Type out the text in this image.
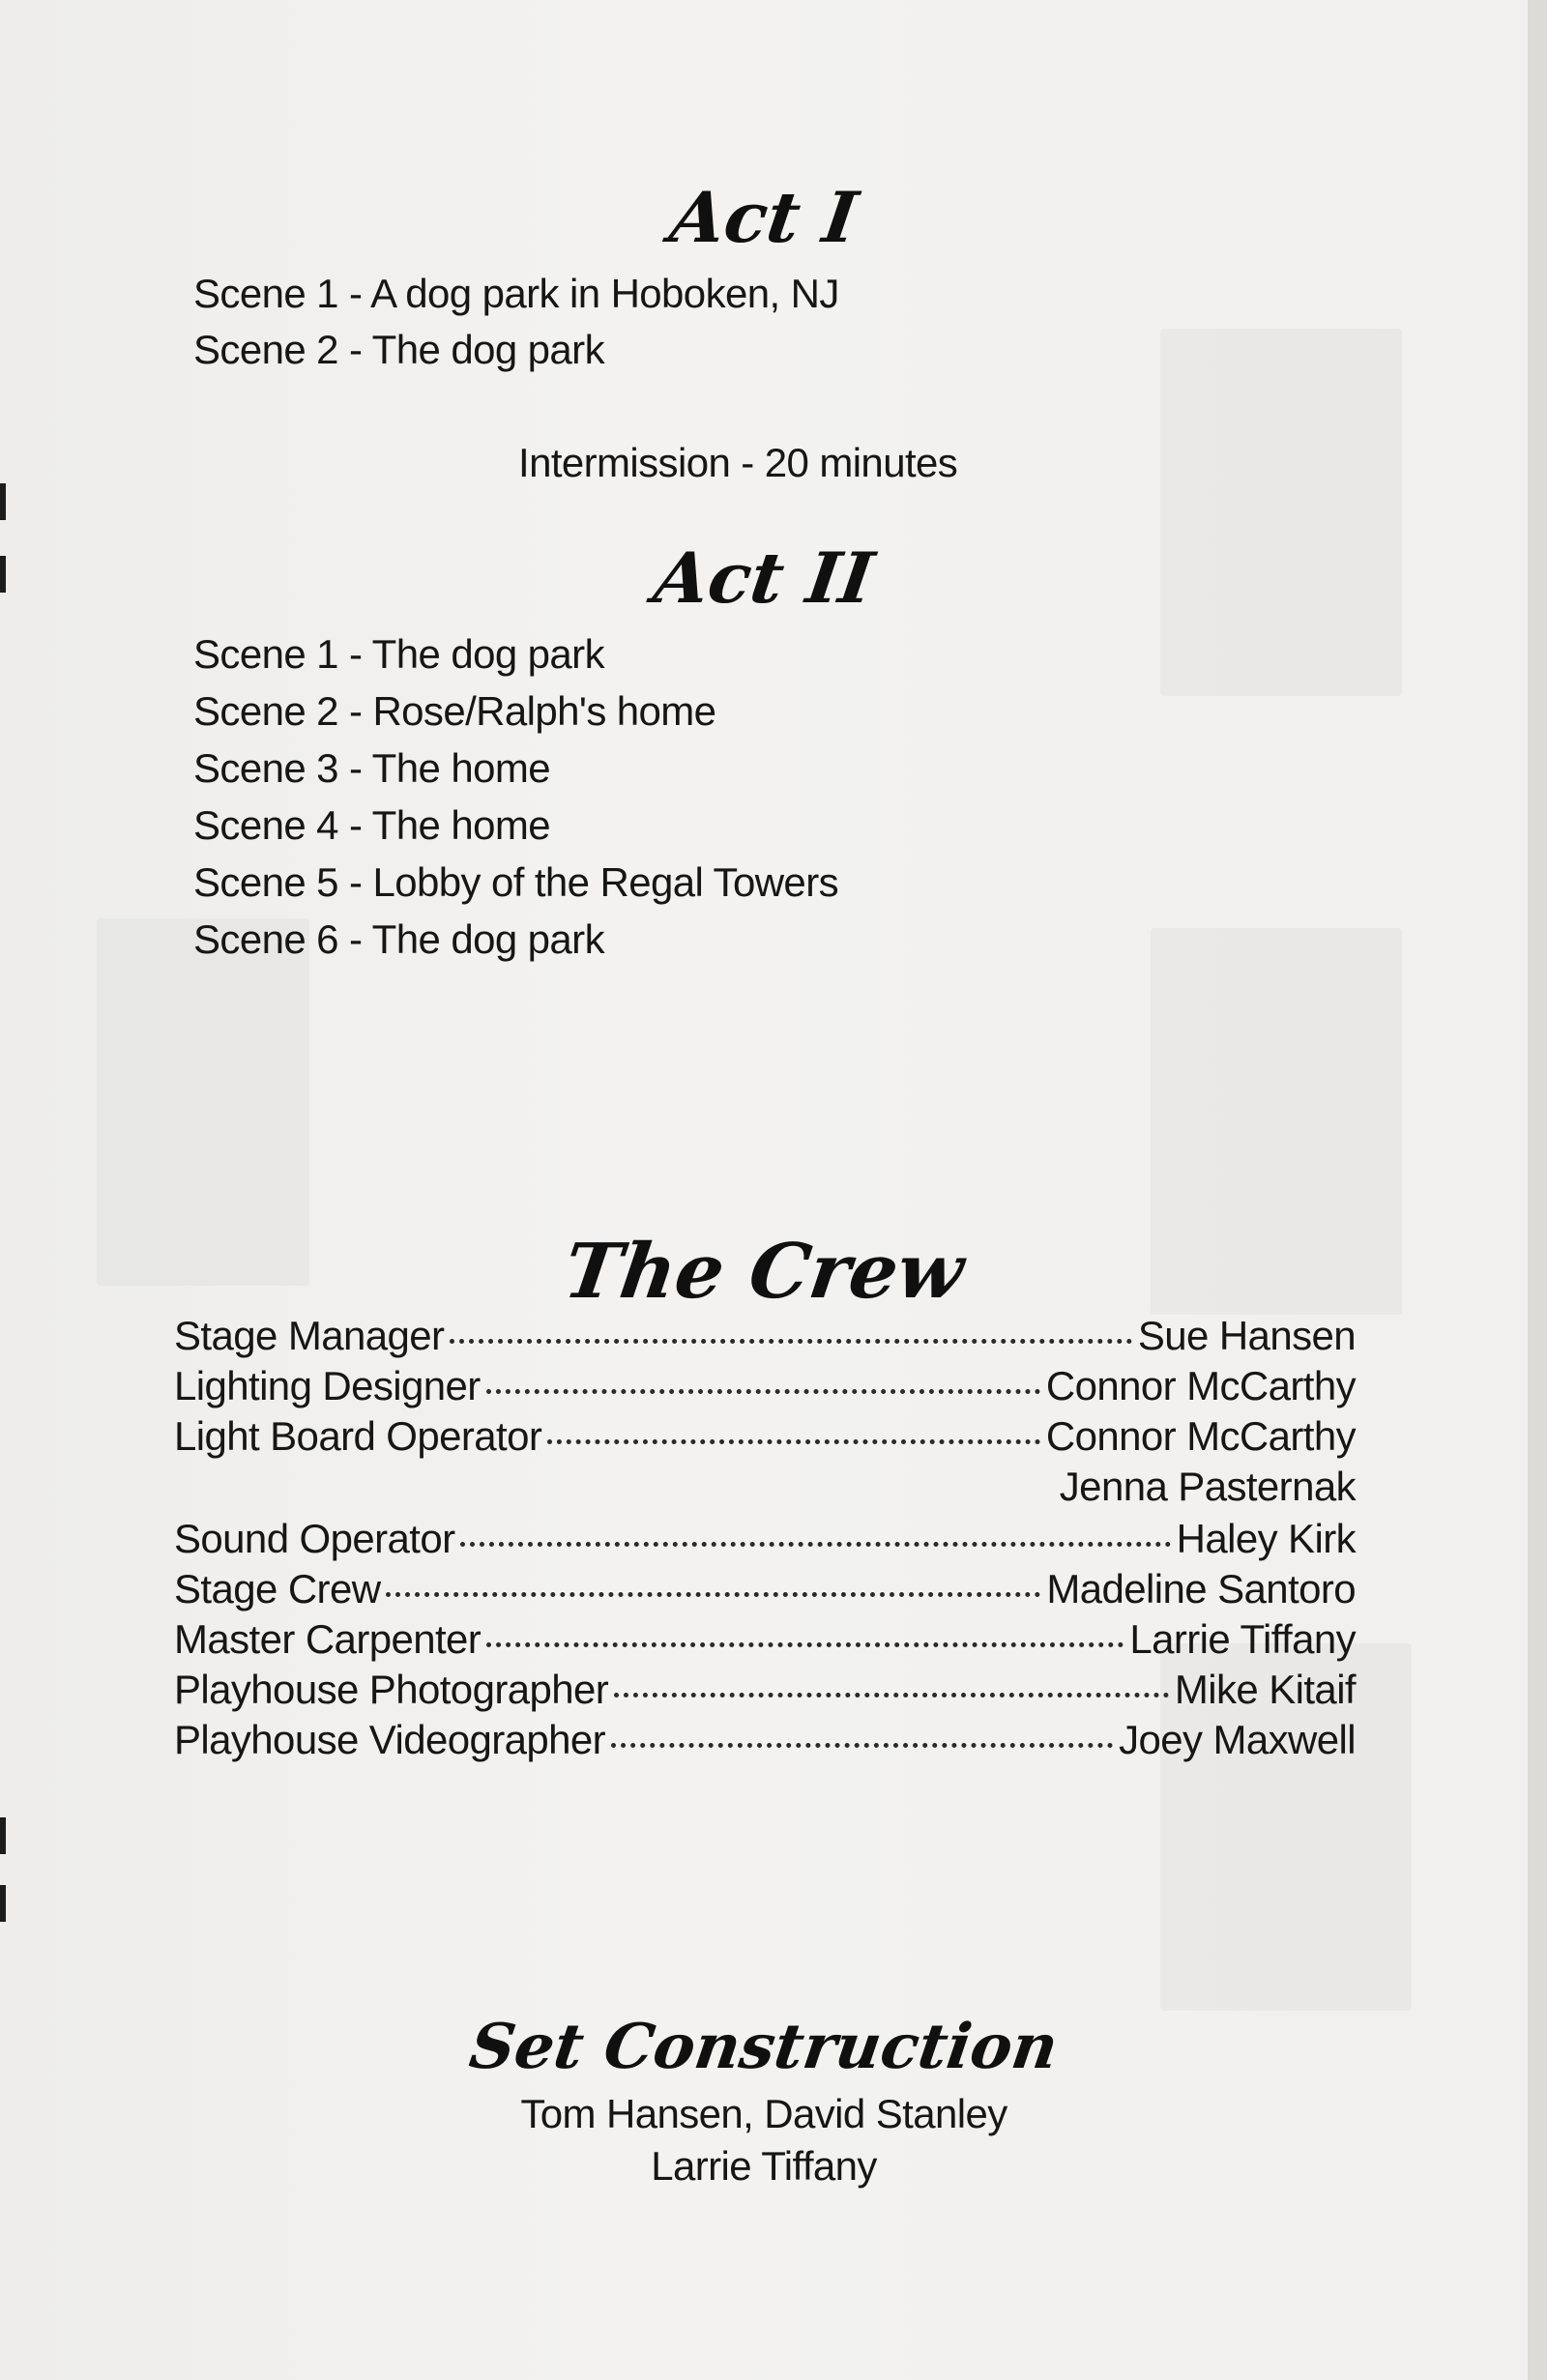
Act I
Scene 1 - A dog park in Hoboken, NJ
Scene 2 - The dog park
Intermission - 20 minutes
Act II
Scene 1 - The dog park
Scene 2 - Rose/Ralph's home
Scene 3 - The home
Scene 4 - The home
Scene 5 - Lobby of the Regal Towers
Scene 6 - The dog park
The Crew
Stage Manager	Sue Hansen
Lighting Designer	Connor McCarthy
Light Board Operator	Connor McCarthy
Jenna Pasternak
Sound Operator	Haley Kirk
Stage Crew	Madeline Santoro
Master Carpenter	Larrie Tiffany
Playhouse Photographer	Mike Kitaif
Playhouse Videographer	Joey Maxwell
Set Construction
Tom Hansen, David Stanley
Larrie Tiffany
